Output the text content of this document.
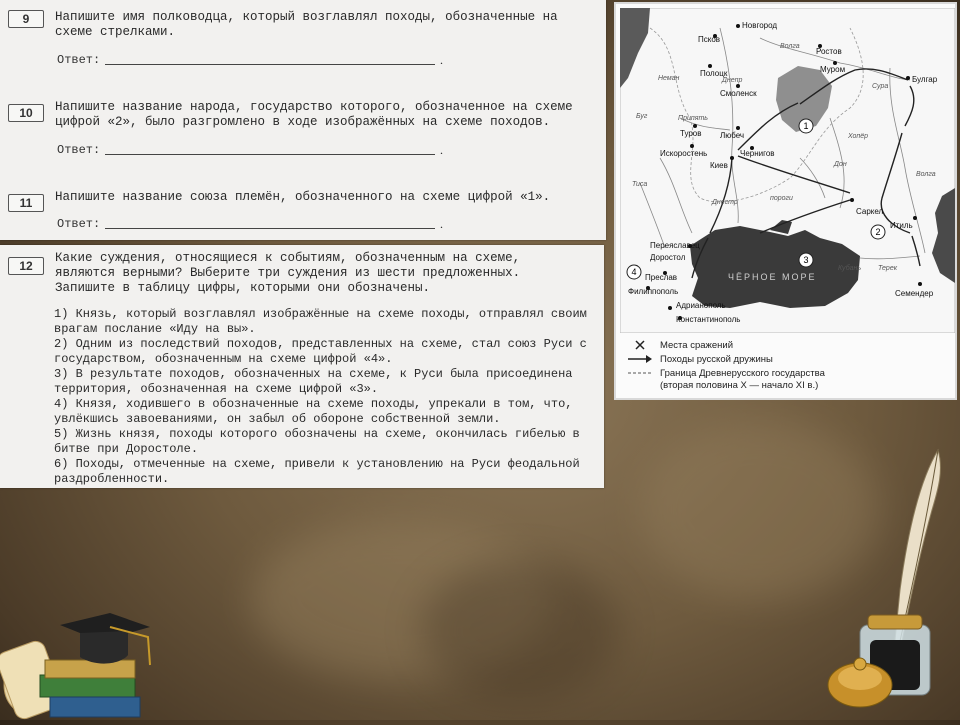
9	Напишите имя полководца, который возглавлял походы, обозначенные на схеме стрелками.

Ответ:	.
10	Напишите название народа, государство которого, обозначенное на схеме цифрой «2», было разгромлено в ходе изображённых на схеме походов.

Ответ:	.
11	Напишите название союза племён, обозначенного на схеме цифрой «1».

Ответ:	.
12

Какие суждения, относящиеся к событиям, обозначенным на схеме, являются верными? Выберите три суждения из шести предложенных. Запишите в таблицу цифры, которыми они обозначены.

1) Князь, который возглавлял изображённые на схеме походы, отправлял своим врагам послание «Иду на вы».
2) Одним из последствий походов, представленных на схеме, стал союз Руси с государством, обозначенным на схеме цифрой «4».
3) В результате походов, обозначенных на схеме, к Руси была присоединена территория, обозначенная на схеме цифрой «3».
4) Князя, ходившего в обозначенные на схеме походы, упрекали в том, что, увлёкшись завоеваниями, он забыл об обороне собственной земли.
5) Жизнь князя, походы которого обозначены на схеме, окончилась гибелью в битве при Доростоле.
6) Походы, отмеченные на схеме, привели к установлению на Руси феодальной раздробленности.
ЧЁРНОЕ МОРЕ
Новгород
Псков
Полоцк
Смоленск
Ростов
Муром
Булгар
Туров Любеч
Искоростень	Чернигов
Киев
Саркел
Итиль
Переяславец
Доростол
Преслав
Филиппополь
Адрианополь
Константинополь
Семендер
Волга
Днепр
Неман
Припять
Дон
Хопёр
Сура
Буг
Днестр
Тиса
Кубань Терек
Волга
пороги
1
2
3
4
Места сражений
Походы русской дружины
Граница Древнерусского государства
(вторая половина X — начало XI в.)
